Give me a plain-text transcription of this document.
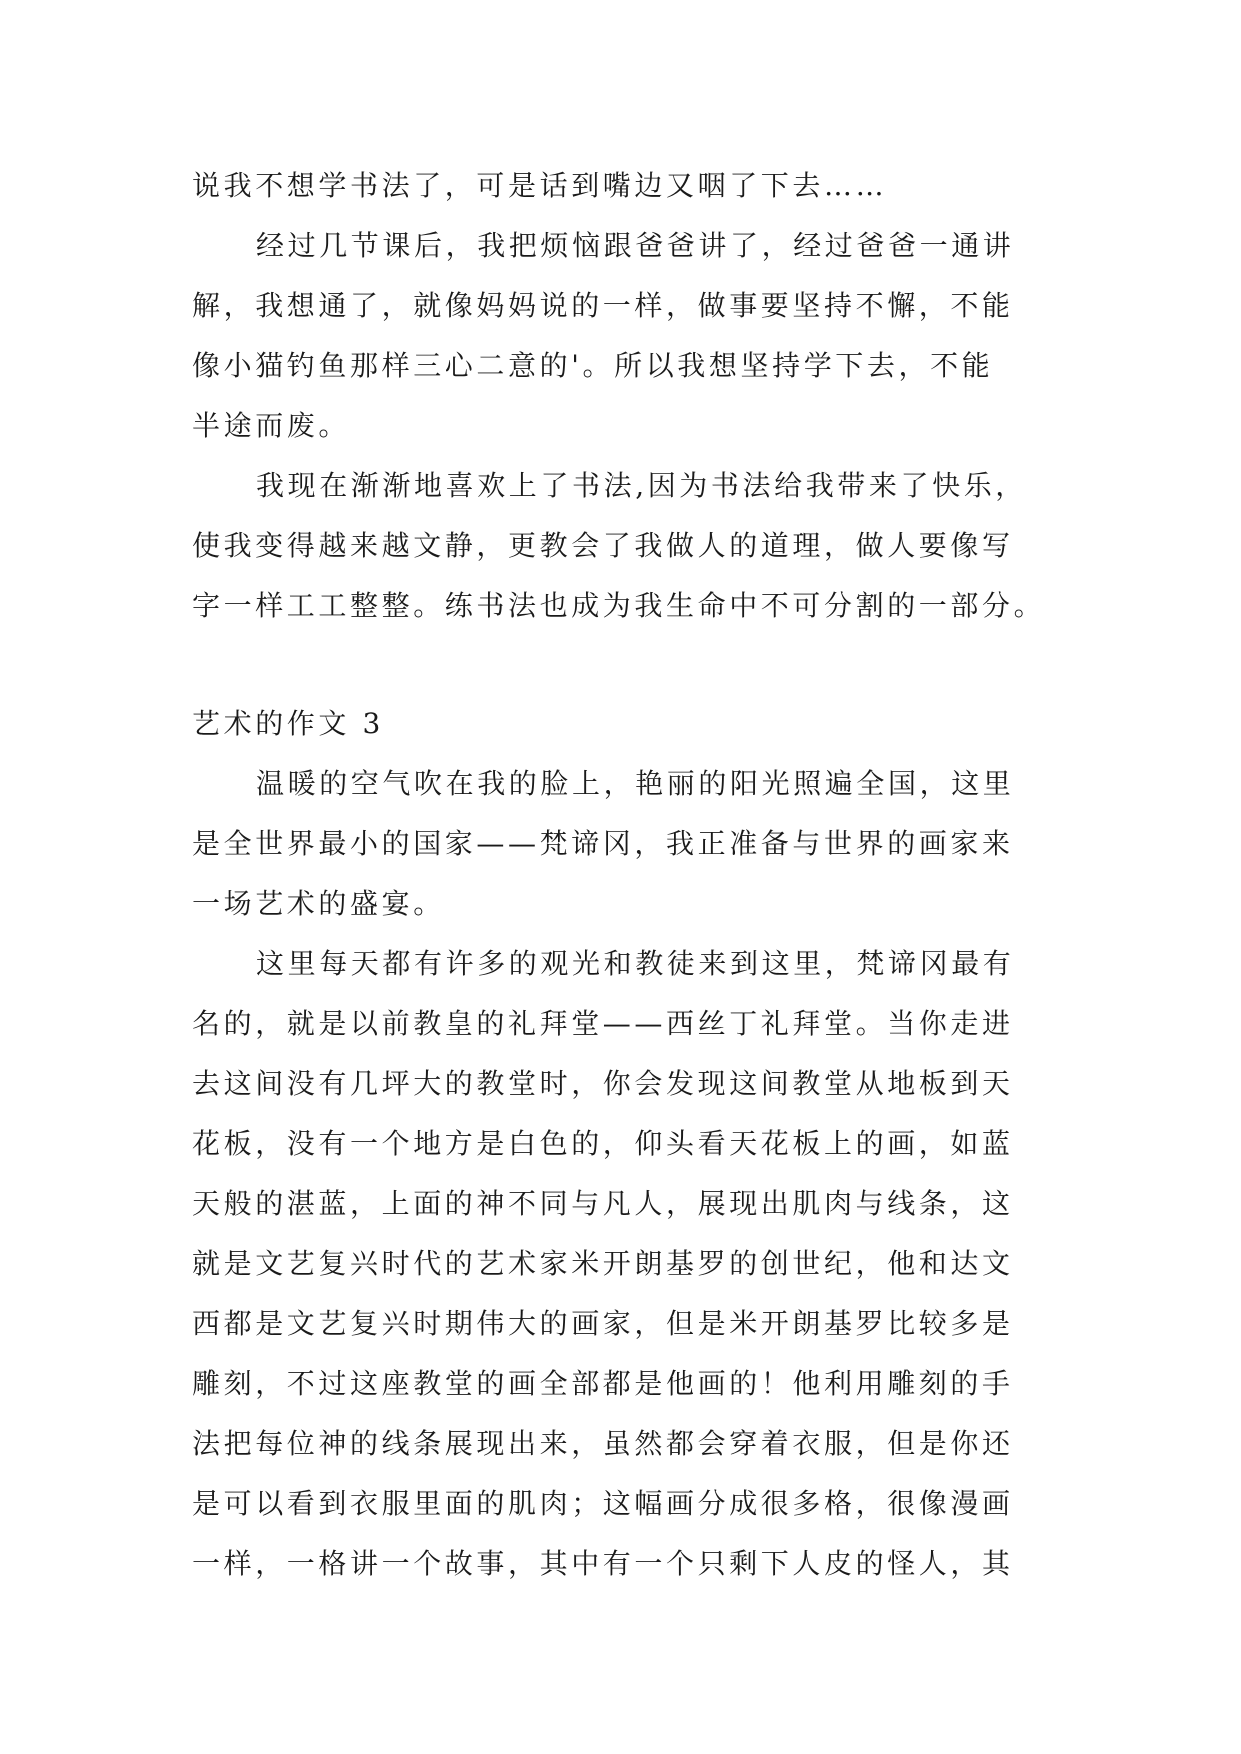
说我不想学书法了，可是话到嘴边又咽了下去……
经过几节课后，我把烦恼跟爸爸讲了，经过爸爸一通讲
解，我想通了，就像妈妈说的一样，做事要坚持不懈，不能
像小猫钓鱼那样三心二意的'。所以我想坚持学下去，不能
半途而废。
我现在渐渐地喜欢上了书法,因为书法给我带来了快乐，
使我变得越来越文静，更教会了我做人的道理，做人要像写
字一样工工整整。练书法也成为我生命中不可分割的一部分。
艺术的作文 3
温暖的空气吹在我的脸上，艳丽的阳光照遍全国，这里
是全世界最小的国家——梵谛冈，我正准备与世界的画家来
一场艺术的盛宴。
这里每天都有许多的观光和教徒来到这里，梵谛冈最有
名的，就是以前教皇的礼拜堂——西丝丁礼拜堂。当你走进
去这间没有几坪大的教堂时，你会发现这间教堂从地板到天
花板，没有一个地方是白色的，仰头看天花板上的画，如蓝
天般的湛蓝，上面的神不同与凡人，展现出肌肉与线条，这
就是文艺复兴时代的艺术家米开朗基罗的创世纪，他和达文
西都是文艺复兴时期伟大的画家，但是米开朗基罗比较多是
雕刻，不过这座教堂的画全部都是他画的！他利用雕刻的手
法把每位神的线条展现出来，虽然都会穿着衣服，但是你还
是可以看到衣服里面的肌肉；这幅画分成很多格，很像漫画
一样，一格讲一个故事，其中有一个只剩下人皮的怪人，其
